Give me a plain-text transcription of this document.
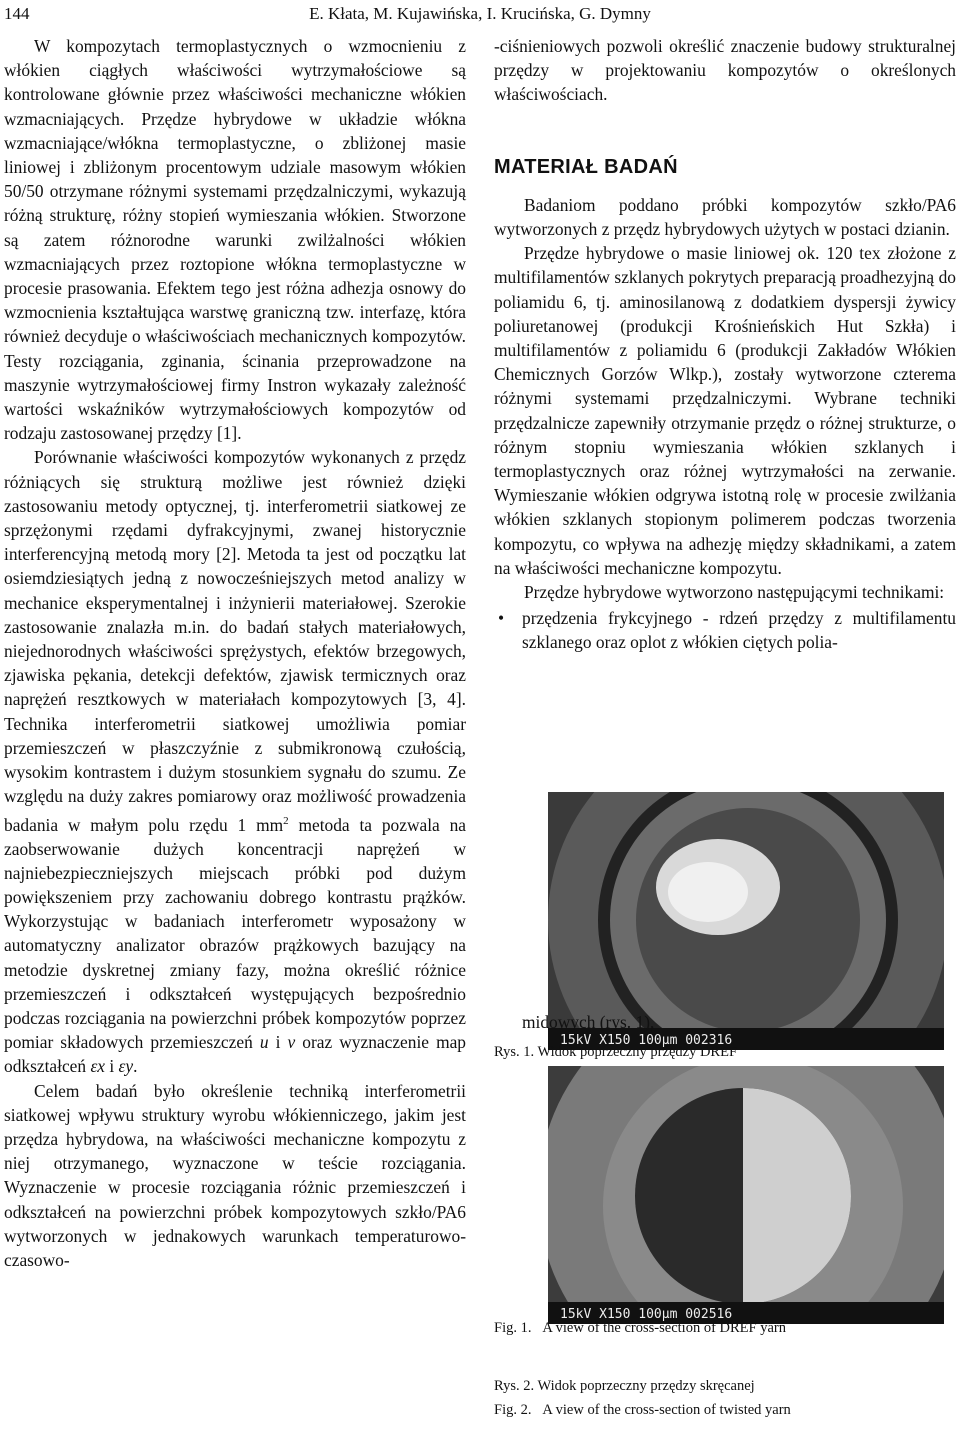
144	E. Kłata, M. Kujawińska, I. Krucińska, G. Dymny

W kompozytach termoplastycznych o wzmocnieniu z włókien ciągłych właściwości wytrzymałościowe są kontrolowane głównie przez właściwości mechaniczne włókien wzmacniających. Przędze hybrydowe w układzie włókna wzmacniające/włókna termoplastyczne, o zbliżonej masie liniowej i zbliżonym procentowym udziale masowym włókien 50/50 otrzymane różnymi systemami przędzalniczymi, wykazują różną strukturę, różny stopień wymieszania włókien. Stworzone są zatem różnorodne warunki zwilżalności włókien wzmacniających przez roztopione włókna termoplastyczne w procesie prasowania. Efektem tego jest różna adhezja osnowy do wzmocnienia kształtująca warstwę graniczną tzw. interfazę, która również decyduje o właściwościach mechanicznych kompozytów. Testy rozciągania, zginania, ścinania przeprowadzone na maszynie wytrzymałościowej firmy Instron wykazały zależność wartości wskaźników wytrzymałościowych kompozytów od rodzaju zastosowanej przędzy [1].

Porównanie właściwości kompozytów wykonanych z przędz różniących się strukturą możliwe jest również dzięki zastosowaniu metody optycznej, tj. interferometrii siatkowej ze sprzężonymi rzędami dyfrakcyjnymi, zwanej historycznie interferencyjną metodą mory [2]. Metoda ta jest od początku lat osiemdziesiątych jedną z nowocześniejszych metod analizy w mechanice eksperymentalnej i inżynierii materiałowej. Szerokie zastosowanie znalazła m.in. do badań stałych materiałowych, niejednorodnych właściwości sprężystych, efektów brzegowych, zjawiska pękania, detekcji defektów, zjawisk termicznych oraz naprężeń resztkowych w materiałach kompozytowych [3, 4]. Technika interferometrii siatkowej umożliwia pomiar przemieszczeń w płaszczyźnie z submikronową czułością, wysokim kontrastem i dużym stosunkiem sygnału do szumu. Ze względu na duży zakres pomiarowy oraz możliwość prowadzenia badania w małym polu rzędu 1 $mm^2$ metoda ta pozwala na zaobserwowanie dużych koncentracji naprężeń w najniebezpieczniejszych miejscach próbki pod dużym powiększeniem przy zachowaniu dobrego kontrastu prążków. Wykorzystując w badaniach interferometr wyposażony w automatyczny analizator obrazów prążkowych bazujący na metodzie dyskretnej zmiany fazy, można określić różnice przemieszczeń i odkształceń występujących bezpośrednio podczas rozciągania na powierzchni próbek kompozytów poprzez pomiar składowych przemieszczeń u i v oraz wyznaczenie map odkształceń εx i εy.

Celem badań było określenie techniką interferometrii siatkowej wpływu struktury wyrobu włókienniczego, jakim jest przędza hybrydowa, na właściwości mechaniczne kompozytu z niej otrzymanego, wyznaczone w teście rozciągania. Wyznaczenie w procesie rozciągania różnic przemieszczeń i odkształceń na powierzchni próbek kompozytowych szkło/PA6 wytworzonych w jednakowych warunkach temperaturowo-czasowo-

-ciśnieniowych pozwoli określić znaczenie budowy strukturalnej przędzy w projektowaniu kompozytów o określonych właściwościach.

MATERIAŁ BADAŃ

Badaniom poddano próbki kompozytów szkło/PA6 wytworzonych z przędz hybrydowych użytych w postaci dzianin.

Przędze hybrydowe o masie liniowej ok. 120 tex złożone z multifilamentów szklanych pokrytych preparacją proadhezyjną do poliamidu 6, tj. aminosilanową z dodatkiem dyspersji żywicy poliuretanowej (produkcji Krośnieńskich Hut Szkła) i multifilamentów z poliamidu 6 (produkcji Zakładów Włókien Chemicznych Gorzów Wlkp.), zostały wytworzone czterema różnymi systemami przędzalniczymi. Wybrane techniki przędzalnicze zapewniły otrzymanie przędz o różnej strukturze, o różnym stopniu wymieszania włókien szklanych i termoplastycznych oraz różnej wytrzymałości na zerwanie. Wymieszanie włókien odgrywa istotną rolę w procesie zwilżania włókien szklanych stopionym polimerem podczas tworzenia kompozytu, co wpływa na adhezję między składnikami, a zatem na właściwości mechaniczne kompozytu.

Przędze hybrydowe wytworzono następującymi technikami:

• przędzenia frykcyjnego - rdzeń przędzy z multifilamentu szklanego oraz oplot z włókien ciętych polia-
15kV X150 100µm 002316
midowych (rys. 1),
Rys. 1. Widok poprzeczny przędzy DREF
15kV X150 100µm 002516
Fig. 1. A view of the cross-section of DREF yarn
Rys. 2. Widok poprzeczny przędzy skręcanej
Fig. 2. A view of the cross-section of twisted yarn
